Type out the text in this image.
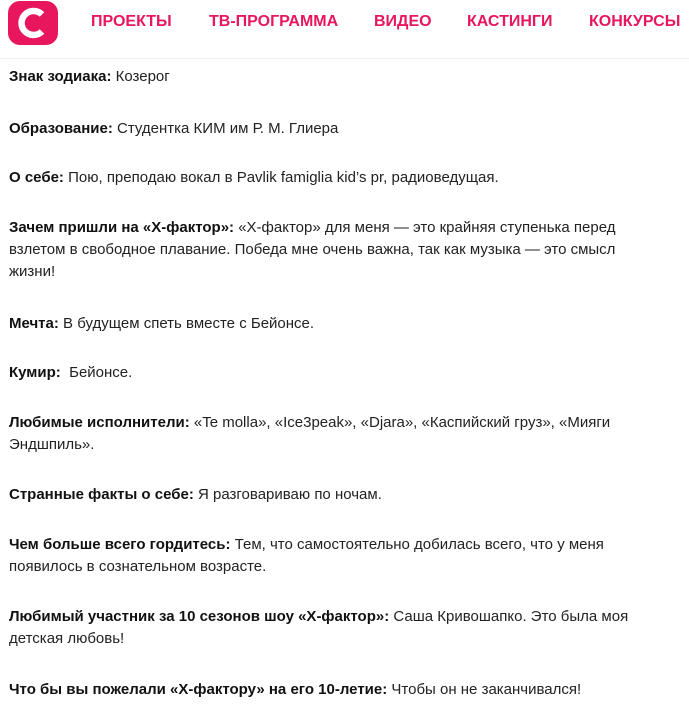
ПРОЕКТЫ ТВ-ПРОГРАММА ВИДЕО КАСТИНГИ КОНКУРСЫ

Знак зодиака: Козерог

Образование: Студентка КИМ им Р. М. Глиера

О себе: Пою, преподаю вокал в Pavlik famiglia kid’s pr, радиоведущая.

Зачем пришли на «Х-фактор»: «Х-фактор» для меня — это крайняя ступенька перед взлетом в свободное плавание. Победа мне очень важна, так как музыка — это смысл жизни!

Мечта: В будущем спеть вместе с Бейонсе.

Кумир:  Бейонсе.

Любимые исполнители: «Te molla», «Ice3peak», «Djara», «Каспийский груз», «Мияги Эндшпиль».

Странные факты о себе: Я разговариваю по ночам.

Чем больше всего гордитесь: Тем, что самостоятельно добилась всего, что у меня появилось в сознательном возрасте.

Любимый участник за 10 сезонов шоу «Х-фактор»: Саша Кривошапко. Это была моя детская любовь!

Что бы вы пожелали «Х-фактору» на его 10-летие: Чтобы он не заканчивался!
